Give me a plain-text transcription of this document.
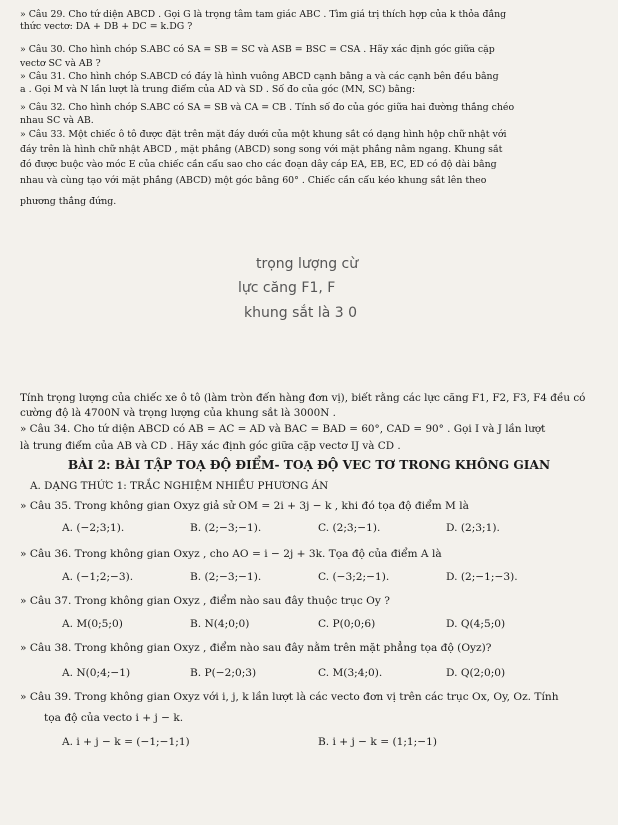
» Câu 29. Cho tứ diện ABCD . Gọi G là trọng tâm tam giác ABC . Tìm giá trị thích hợp của k thỏa đẳng
thức vectơ: DA + DB + DC = k.DG ?
» Câu 30. Cho hình chóp S.ABC có SA = SB = SC và ASB = BSC = CSA . Hãy xác định góc giữa cặp
vectơ SC và AB ?
» Câu 31. Cho hình chóp S.ABCD có đáy là hình vuông ABCD cạnh bằng a và các cạnh bên đều bằng
a . Gọi M và N lần lượt là trung điểm của AD và SD . Số đo của góc (MN, SC) bằng:
» Câu 32. Cho hình chóp S.ABC có SA = SB và CA = CB . Tính số đo của góc giữa hai đường thẳng chéo
nhau SC và AB.
» Câu 33. Một chiếc ô tô được đặt trên mặt đáy dưới của một khung sắt có dạng hình hộp chữ nhật với
đáy trên là hình chữ nhật ABCD , mặt phẳng (ABCD) song song với mặt phẳng nằm ngang. Khung sắt
đó được buộc vào móc E của chiếc cần cẩu sao cho các đoạn dây cáp EA, EB, EC, ED có độ dài bằng
nhau và cùng tạo với mặt phẳng (ABCD) một góc bằng 60° . Chiếc cần cẩu kéo khung sắt lên theo
phương thẳng đứng.
trọng lượng cừ
lực căng F1, F
khung sắt là 3 0
Tính trọng lượng của chiếc xe ô tô (làm tròn đến hàng đơn vị), biết rằng các lực căng F1, F2, F3, F4 đều có
cường độ là 4700N và trọng lượng của khung sắt là 3000N .
» Câu 34. Cho tứ diện ABCD có AB = AC = AD và BAC = BAD = 60°, CAD = 90° . Gọi I và J lần lượt
là trung điểm của AB và CD . Hãy xác định góc giữa cặp vectơ IJ và CD .
BÀI 2: BÀI TẬP TOẠ ĐỘ ĐIỂM- TOẠ ĐỘ VEC TƠ TRONG KHÔNG GIAN
A. DẠNG THỨC 1: TRẮC NGHIỆM NHIỀU PHƯƠNG ÁN
» Câu 35. Trong không gian Oxyz giả sử OM = 2i + 3j − k , khi đó tọa độ điểm M là
A. (−2;3;1).	B. (2;−3;−1).	C. (2;3;−1).	D. (2;3;1).
» Câu 36. Trong không gian Oxyz , cho AO = i − 2j + 3k. Tọa độ của điểm A là
A. (−1;2;−3).	B. (2;−3;−1).	C. (−3;2;−1).	D. (2;−1;−3).
» Câu 37. Trong không gian Oxyz , điểm nào sau đây thuộc trục Oy ?
A. M(0;5;0)	B. N(4;0;0)	C. P(0;0;6)	D. Q(4;5;0)
» Câu 38. Trong không gian Oxyz , điểm nào sau đây nằm trên mặt phẳng tọa độ (Oyz)?
A. N(0;4;−1)	B. P(−2;0;3)	C. M(3;4;0).	D. Q(2;0;0)
» Câu 39. Trong không gian Oxyz với i, j, k lần lượt là các vecto đơn vị trên các trục Ox, Oy, Oz. Tính
tọa độ của vecto i + j − k.
A. i + j − k = (−1;−1;1)	B. i + j − k = (1;1;−1)
